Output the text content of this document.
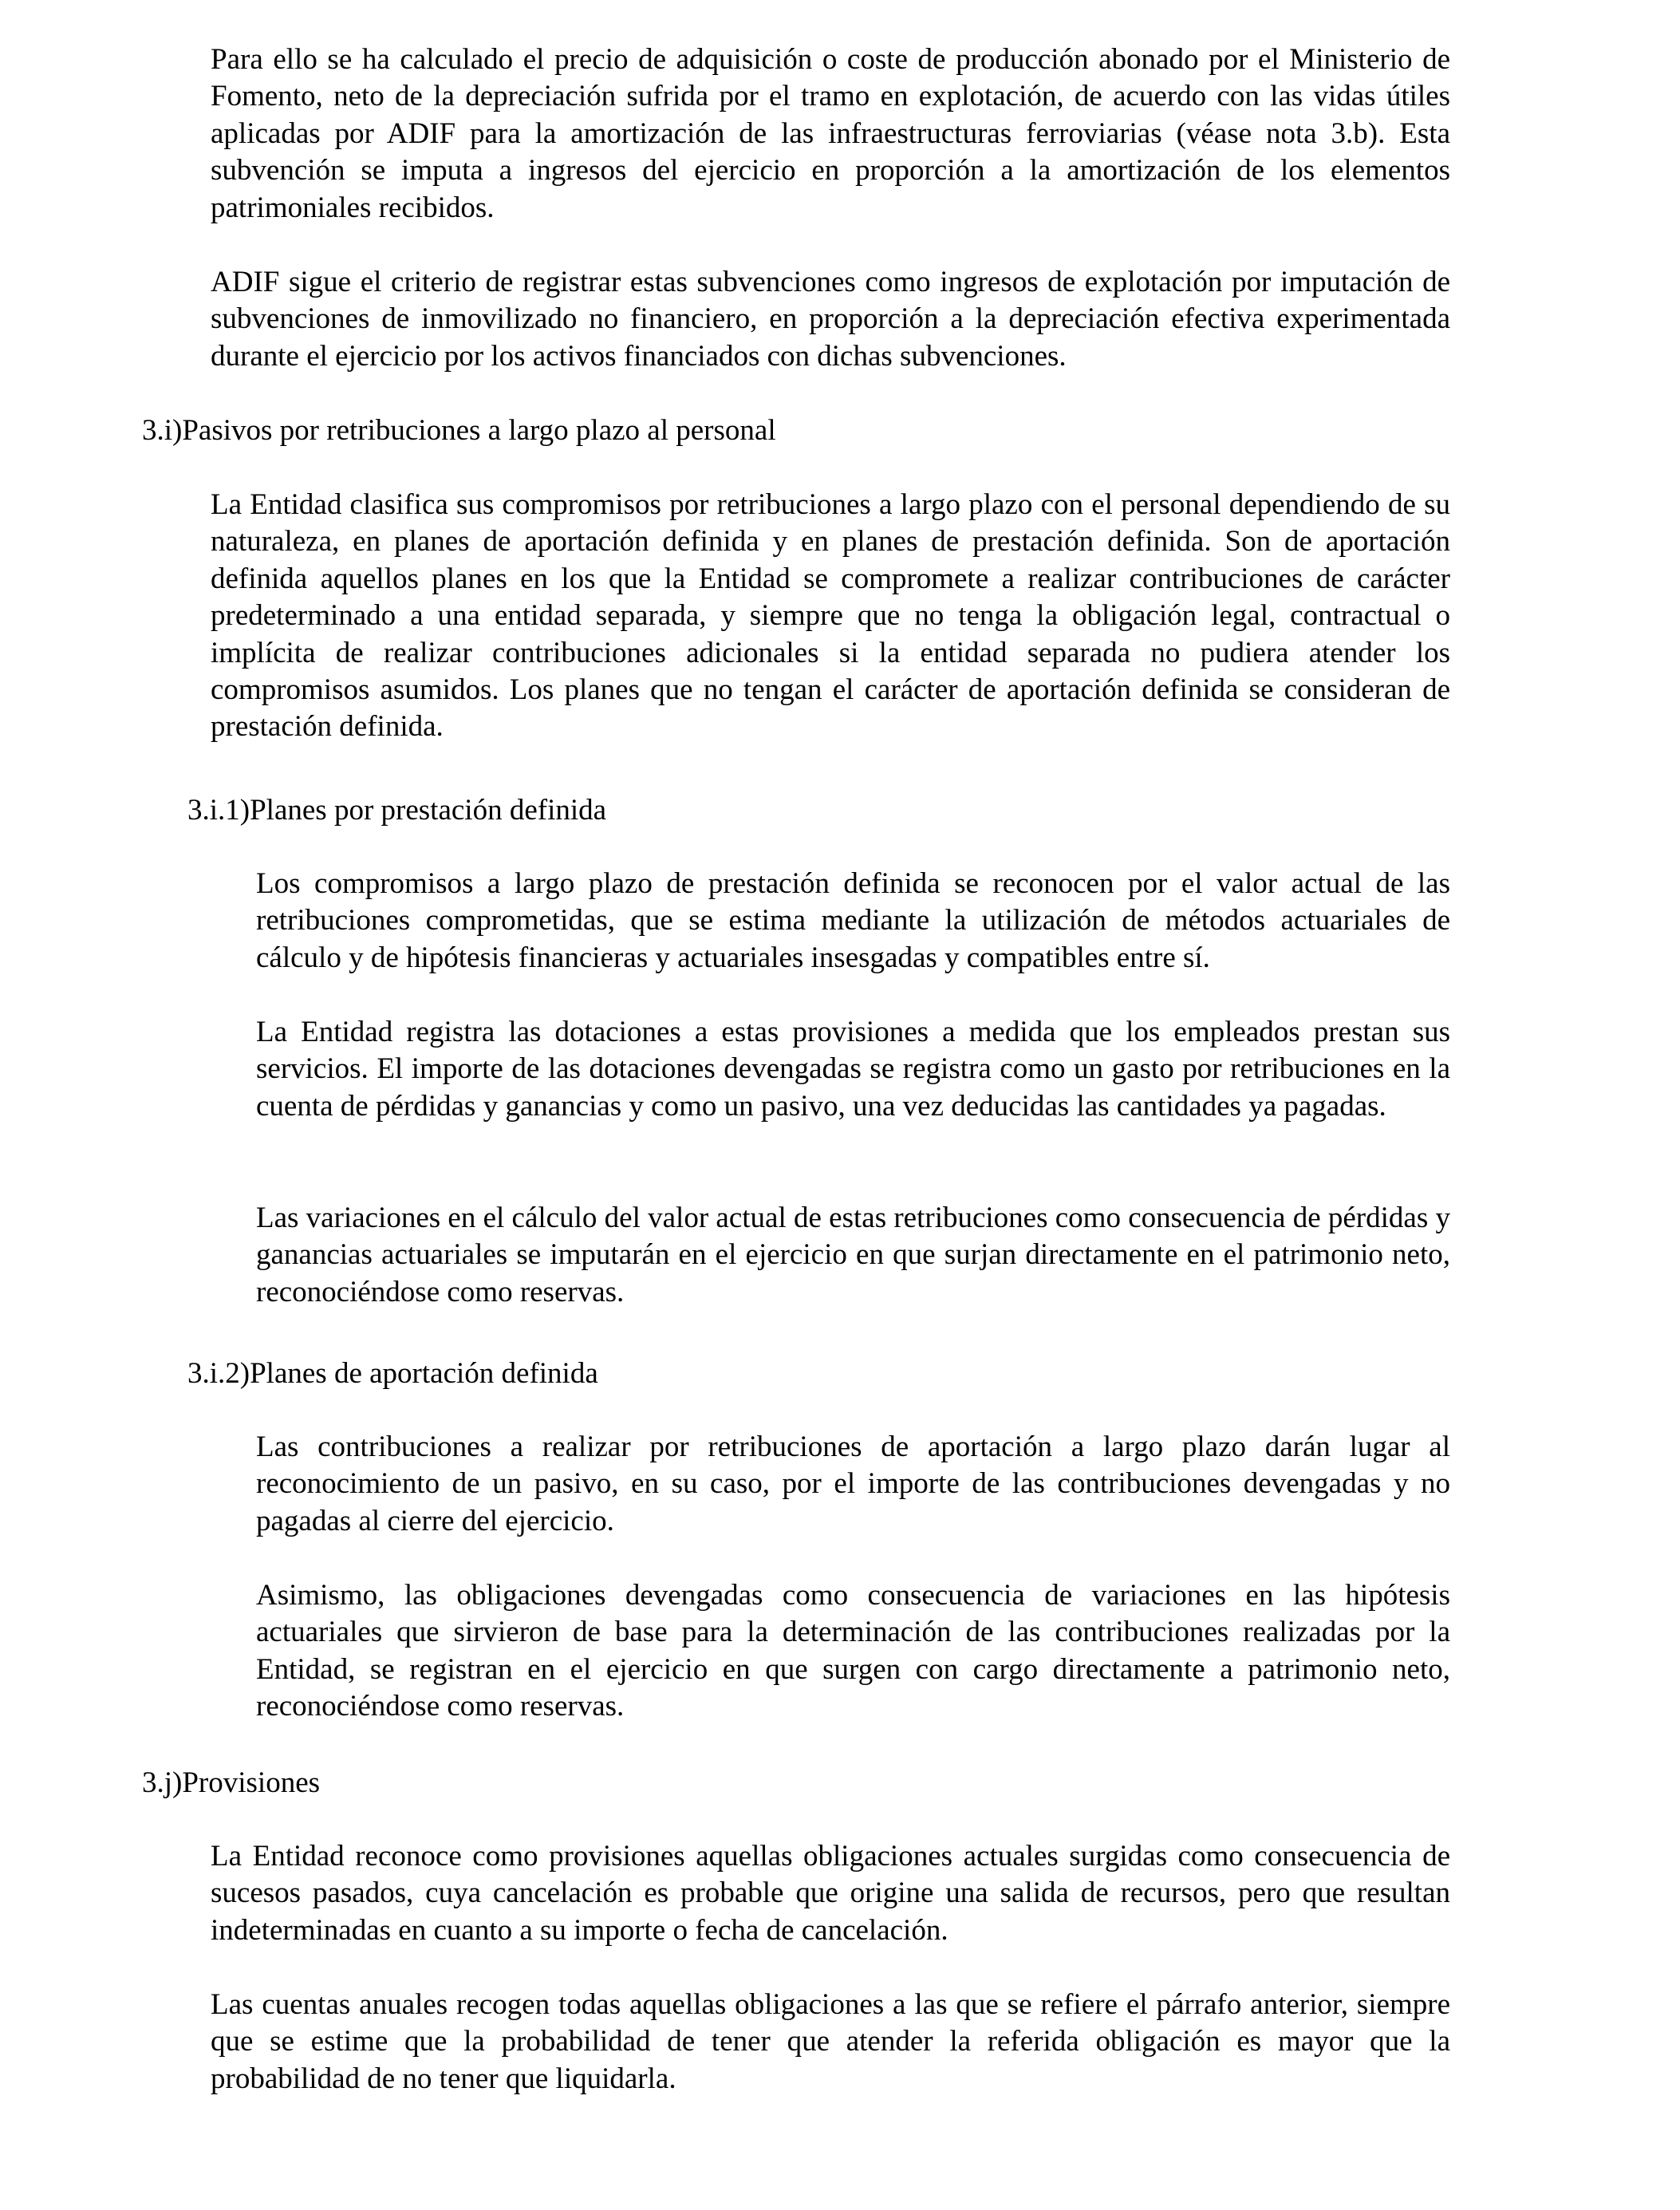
Para ello se ha calculado el precio de adquisición o coste de producción abonado por el Ministerio de Fomento, neto de la depreciación sufrida por el tramo en explotación, de acuerdo con las vidas útiles aplicadas por ADIF para la amortización de las infraestructuras ferroviarias (véase nota 3.b). Esta subvención se imputa a ingresos del ejercicio en proporción a la amortización de los elementos patrimoniales recibidos.

ADIF sigue el criterio de registrar estas subvenciones como ingresos de explotación por imputación de subvenciones de inmovilizado no financiero, en proporción a la depreciación efectiva experimentada durante el ejercicio por los activos financiados con dichas subvenciones.

3.i)Pasivos por retribuciones a largo plazo al personal

La Entidad clasifica sus compromisos por retribuciones a largo plazo con el personal dependiendo de su naturaleza, en planes de aportación definida y en planes de prestación definida. Son de aportación definida aquellos planes en los que la Entidad se compromete a realizar contribuciones de carácter predeterminado a una entidad separada, y siempre que no tenga la obligación legal, contractual o implícita de realizar contribuciones adicionales si la entidad separada no pudiera atender los compromisos asumidos. Los planes que no tengan el carácter de aportación definida se consideran de prestación definida.

3.i.1)Planes por prestación definida

Los compromisos a largo plazo de prestación definida se reconocen por el valor actual de las retribuciones comprometidas, que se estima mediante la utilización de métodos actuariales de cálculo y de hipótesis financieras y actuariales insesgadas y compatibles entre sí.

La Entidad registra las dotaciones a estas provisiones a medida que los empleados prestan sus servicios. El importe de las dotaciones devengadas se registra como un gasto por retribuciones en la cuenta de pérdidas y ganancias y como un pasivo, una vez deducidas las cantidades ya pagadas.

Las variaciones en el cálculo del valor actual de estas retribuciones como consecuencia de pérdidas y ganancias actuariales se imputarán en el ejercicio en que surjan directamente en el patrimonio neto, reconociéndose como reservas.

3.i.2)Planes de aportación definida

Las contribuciones a realizar por retribuciones de aportación a largo plazo darán lugar al reconocimiento de un pasivo, en su caso, por el importe de las contribuciones devengadas y no pagadas al cierre del ejercicio.

Asimismo, las obligaciones devengadas como consecuencia de variaciones en las hipótesis actuariales que sirvieron de base para la determinación de las contribuciones realizadas por la Entidad, se registran en el ejercicio en que surgen con cargo directamente a patrimonio neto, reconociéndose como reservas.

3.j)Provisiones

La Entidad reconoce como provisiones aquellas obligaciones actuales surgidas como consecuencia de sucesos pasados, cuya cancelación es probable que origine una salida de recursos, pero que resultan indeterminadas en cuanto a su importe o fecha de cancelación.

Las cuentas anuales recogen todas aquellas obligaciones a las que se refiere el párrafo anterior, siempre que se estime que la probabilidad de tener que atender la referida obligación es mayor que la probabilidad de no tener que liquidarla.
